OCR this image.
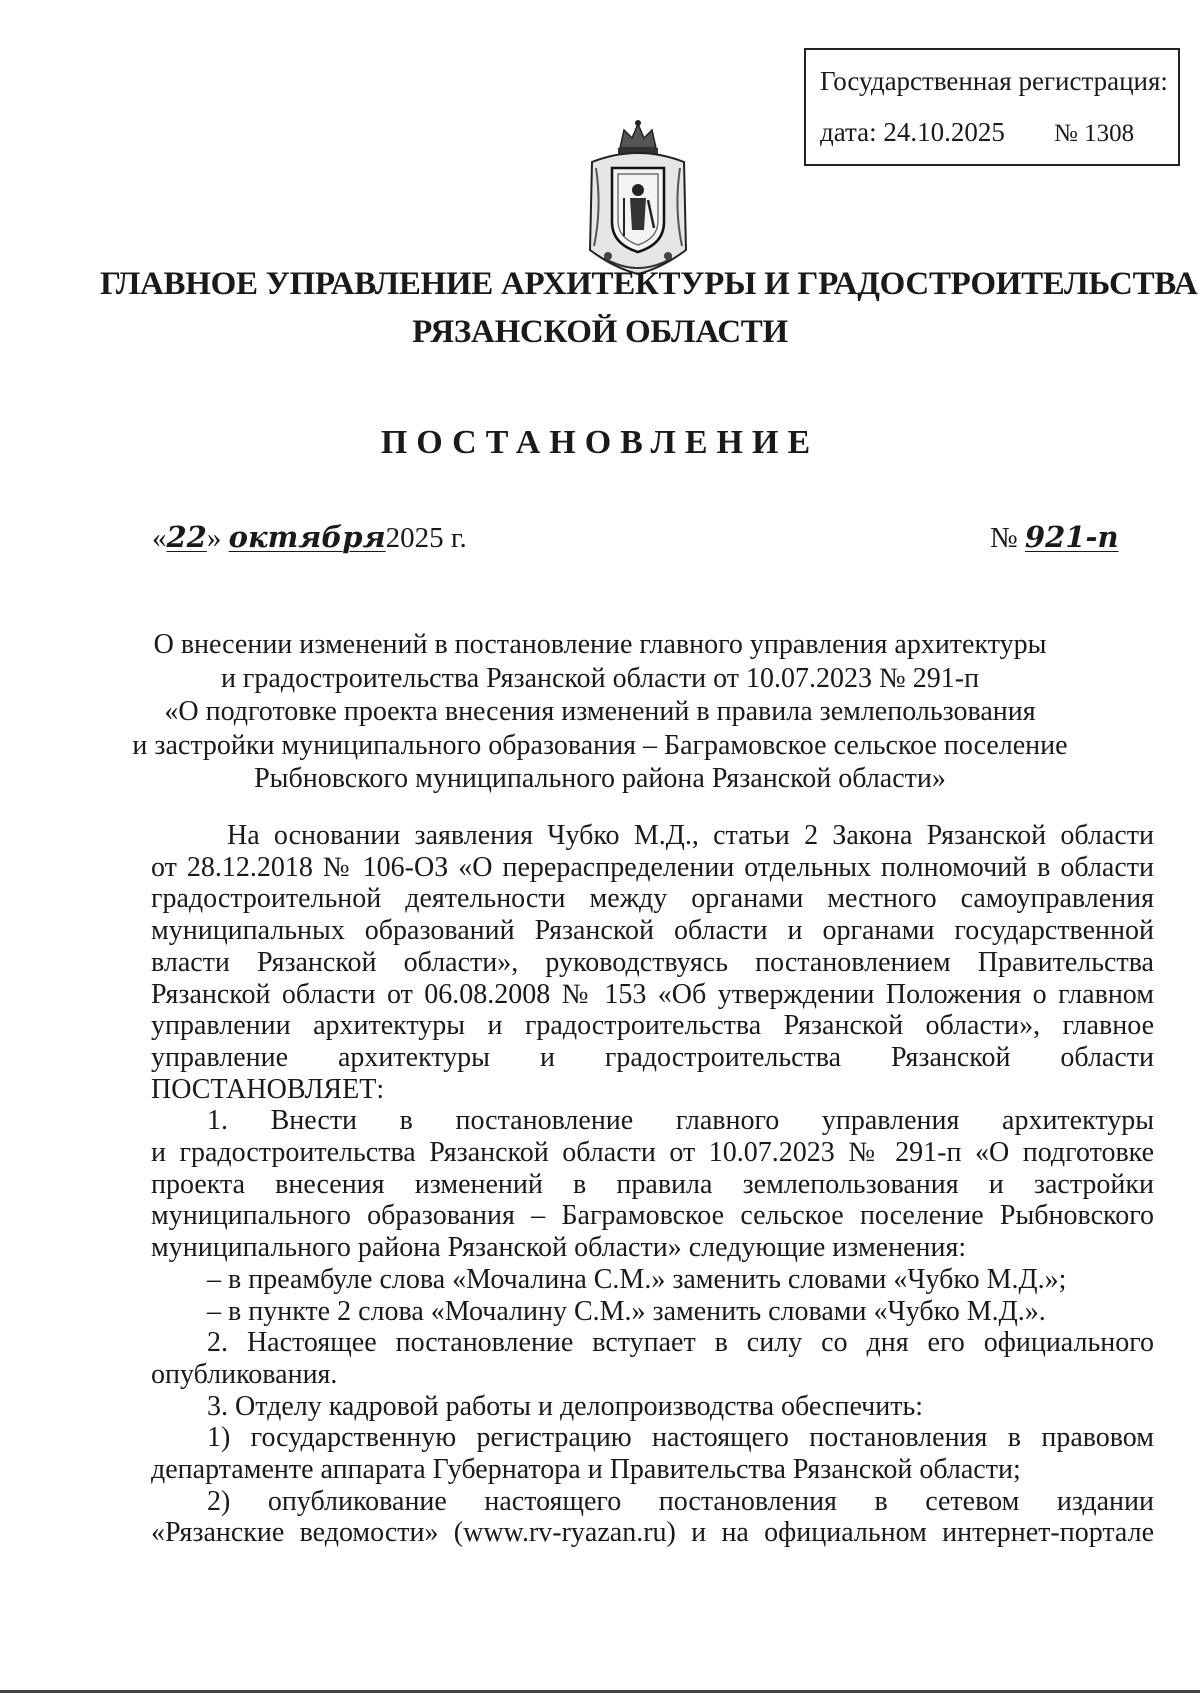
Государственная регистрация:
дата: 24.10.2025 № 1308
ГЛАВНОЕ УПРАВЛЕНИЕ АРХИТЕКТУРЫ И ГРАДОСТРОИТЕЛЬСТВА
РЯЗАНСКОЙ ОБЛАСТИ
ПОСТАНОВЛЕНИЕ
«22» октября2025 г.	№ 921-п
О внесении изменений в постановление главного управления архитектуры
и градостроительства Рязанской области от 10.07.2023 № 291-п
«О подготовке проекта внесения изменений в правила землепользования
и застройки муниципального образования – Баграмовское сельское поселение
Рыбновского муниципального района Рязанской области»
На основании заявления Чубко М.Д., статьи 2 Закона Рязанской области
от 28.12.2018 № 106-ОЗ «О перераспределении отдельных полномочий в области
градостроительной деятельности между органами местного самоуправления
муниципальных образований Рязанской области и органами государственной
власти Рязанской области», руководствуясь постановлением Правительства
Рязанской области от 06.08.2008 № 153 «Об утверждении Положения о главном
управлении архитектуры и градостроительства Рязанской области», главное
управление архитектуры и градостроительства Рязанской области
ПОСТАНОВЛЯЕТ:
1. Внести в постановление главного управления архитектуры
и градостроительства Рязанской области от 10.07.2023 № 291-п «О подготовке
проекта внесения изменений в правила землепользования и застройки
муниципального образования – Баграмовское сельское поселение Рыбновского
муниципального района Рязанской области» следующие изменения:
– в преамбуле слова «Мочалина С.М.» заменить словами «Чубко М.Д.»;
– в пункте 2 слова «Мочалину С.М.» заменить словами «Чубко М.Д.».
2. Настоящее постановление вступает в силу со дня его официального
опубликования.
3. Отделу кадровой работы и делопроизводства обеспечить:
1) государственную регистрацию настоящего постановления в правовом
департаменте аппарата Губернатора и Правительства Рязанской области;
2) опубликование настоящего постановления в сетевом издании
«Рязанские ведомости» (www.rv-ryazan.ru) и на официальном интернет-портале
